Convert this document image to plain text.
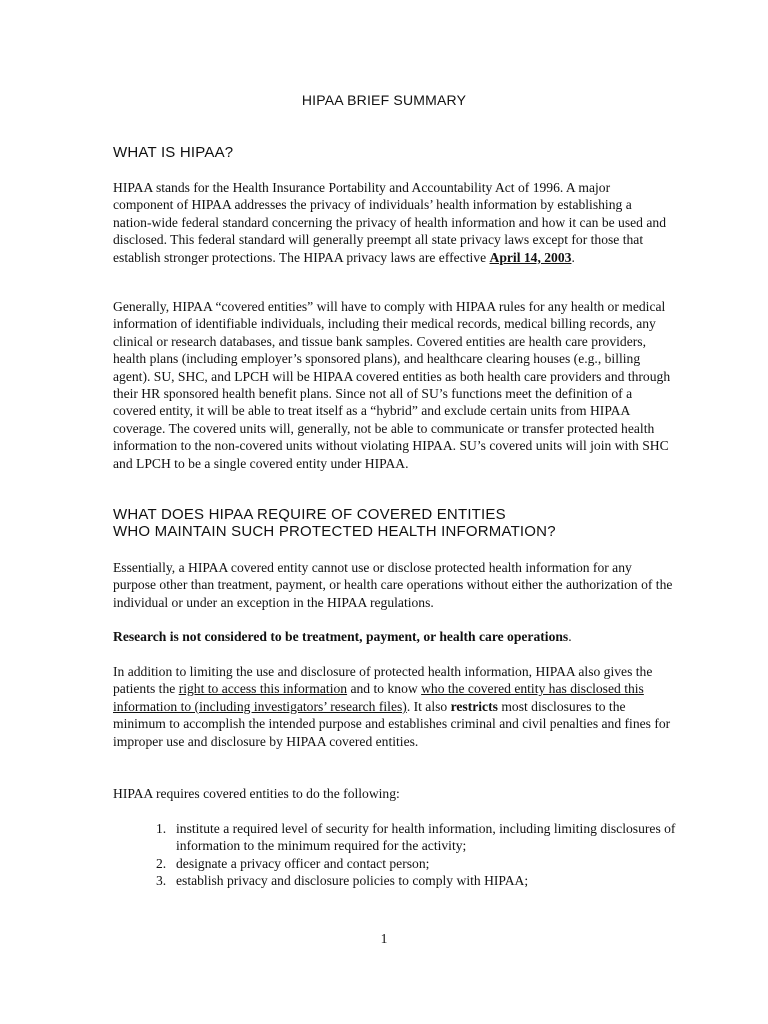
HIPAA BRIEF SUMMARY
WHAT IS HIPAA?

HIPAA stands for the Health Insurance Portability and Accountability Act of 1996. A major component of HIPAA addresses the privacy of individuals’ health information by establishing a nation-wide federal standard concerning the privacy of health information and how it can be used and disclosed. This federal standard will generally preempt all state privacy laws except for those that establish stronger protections. The HIPAA privacy laws are effective April 14, 2003.

Generally, HIPAA “covered entities” will have to comply with HIPAA rules for any health or medical information of identifiable individuals, including their medical records, medical billing records, any clinical or research databases, and tissue bank samples. Covered entities are health care providers, health plans (including employer’s sponsored plans), and healthcare clearing houses (e.g., billing agent). SU, SHC, and LPCH will be HIPAA covered entities as both health care providers and through their HR sponsored health benefit plans. Since not all of SU’s functions meet the definition of a covered entity, it will be able to treat itself as a “hybrid” and exclude certain units from HIPAA coverage. The covered units will, generally, not be able to communicate or transfer protected health information to the non-covered units without violating HIPAA. SU’s covered units will join with SHC and LPCH to be a single covered entity under HIPAA.

WHAT DOES HIPAA REQUIRE OF COVERED ENTITIES
WHO MAINTAIN SUCH PROTECTED HEALTH INFORMATION?

Essentially, a HIPAA covered entity cannot use or disclose protected health information for any purpose other than treatment, payment, or health care operations without either the authorization of the individual or under an exception in the HIPAA regulations.

Research is not considered to be treatment, payment, or health care operations.

In addition to limiting the use and disclosure of protected health information, HIPAA also gives the patients the right to access this information and to know who the covered entity has disclosed this information to (including investigators’ research files). It also restricts most disclosures to the minimum to accomplish the intended purpose and establishes criminal and civil penalties and fines for improper use and disclosure by HIPAA covered entities.

HIPAA requires covered entities to do the following:

1. institute a required level of security for health information, including limiting disclosures of information to the minimum required for the activity;
2. designate a privacy officer and contact person;
3. establish privacy and disclosure policies to comply with HIPAA;

1
